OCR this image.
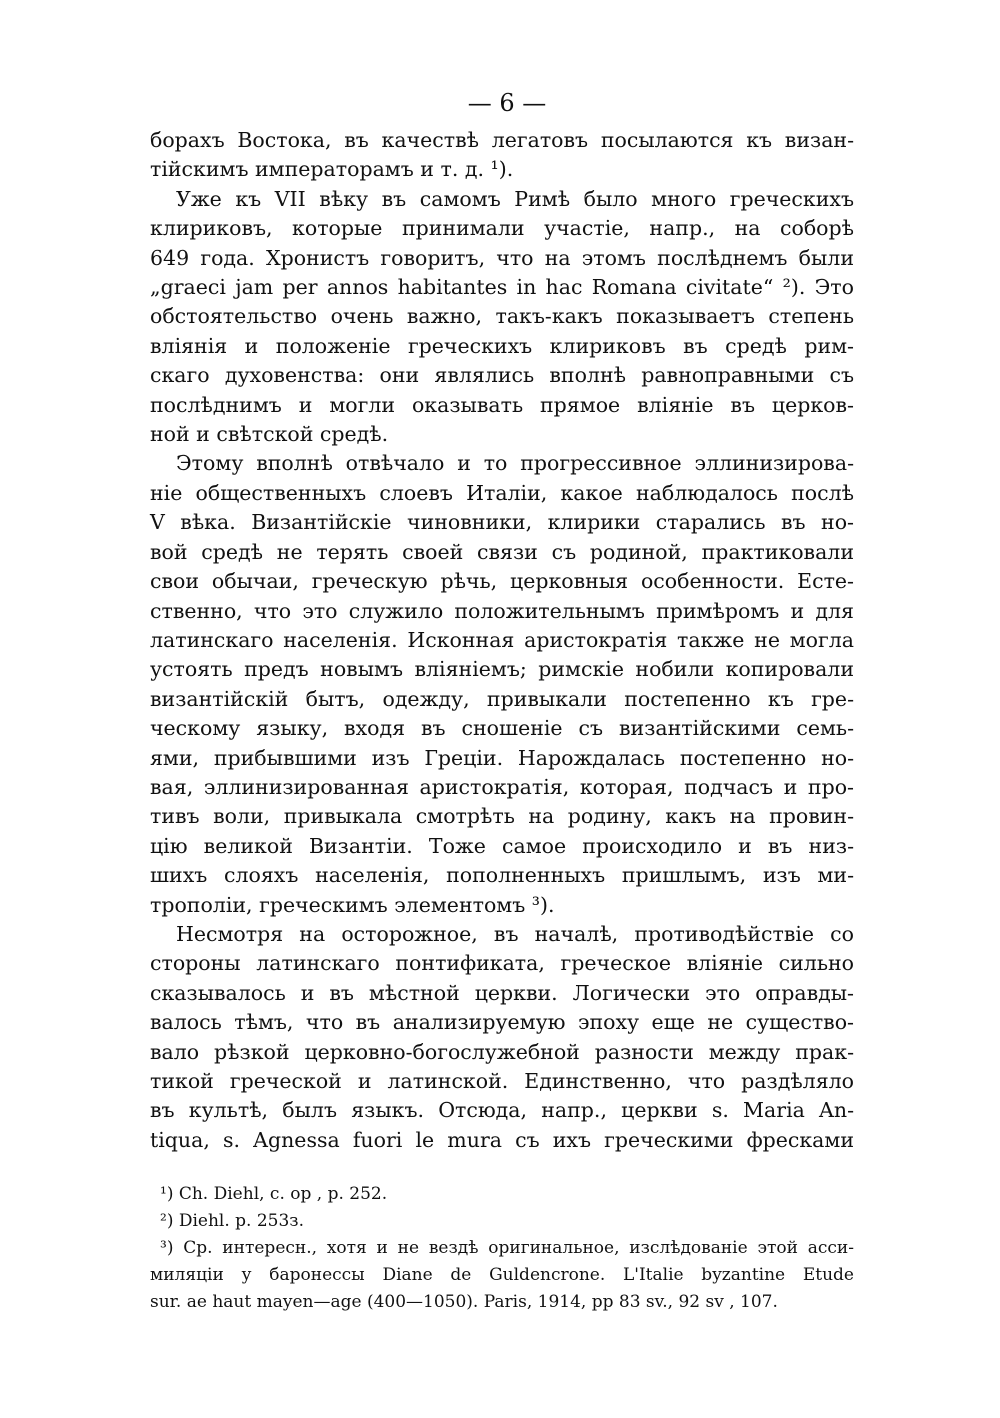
— 6 —

борахъ Востока, въ качествѣ легатовъ посылаются къ визан-

тійскимъ императорамъ и т. д. ¹).

Уже къ VII вѣку въ самомъ Римѣ было много греческихъ

клириковъ, которые принимали участіе, напр., на соборѣ

649 года. Хронистъ говоритъ, что на этомъ послѣднемъ были

„graeci jam per annos habitantes in hac Romana civitate“ ²). Это

обстоятельство очень важно, такъ-какъ показываетъ степень

вліянія и положеніе греческихъ клириковъ въ средѣ рим-

скаго духовенства: они являлись вполнѣ равноправными съ

послѣднимъ и могли оказывать прямое вліяніе въ церков-

ной и свѣтской средѣ.

Этому вполнѣ отвѣчало и то прогрессивное эллинизирова-

ніе общественныхъ слоевъ Италіи, какое наблюдалось послѣ

V вѣка. Византійскіе чиновники, клирики старались въ но-

вой средѣ не терять своей связи съ родиной, практиковали

свои обычаи, греческую рѣчь, церковныя особенности. Есте-

ственно, что это служило положительнымъ примѣромъ и для

латинскаго населенія. Исконная аристократія также не могла

устоять предъ новымъ вліяніемъ; римскіе нобили копировали

византійскій бытъ, одежду, привыкали постепенно къ гре-

ческому языку, входя въ сношеніе съ византійскими семь-

ями, прибывшими изъ Греціи. Нарождалась постепенно но-

вая, эллинизированная аристократія, которая, подчасъ и про-

тивъ воли, привыкала смотрѣть на родину, какъ на провин-

цію великой Византіи. Тоже самое происходило и въ низ-

шихъ слояхъ населенія, пополненныхъ пришлымъ, изъ ми-

трополіи, греческимъ элементомъ ³).

Несмотря на осторожное, въ началѣ, противодѣйствіе со

стороны латинскаго понтификата, греческое вліяніе сильно

сказывалось и въ мѣстной церкви. Логически это оправды-

валось тѣмъ, что въ анализируемую эпоху еще не существо-

вало рѣзкой церковно-богослужебной разности между прак-

тикой греческой и латинской. Единственно, что раздѣляло

въ культѣ, былъ языкъ. Отсюда, напр., церкви s. Maria An-

tiqua, s. Agnessa fuori le mura съ ихъ греческими фресками

¹) Ch. Diehl, c. op , p. 252.

²) Diehl. p. 253з.

³) Ср. интересн., хотя и не вездѣ оригинальное, изслѣдованіе этой асси-

миляціи у баронессы Diane de Guldencrone. L'Italie byzantine Etude

sur. ae haut mayen—age (400—1050). Paris, 1914, pp 83 sv., 92 sv , 107.
